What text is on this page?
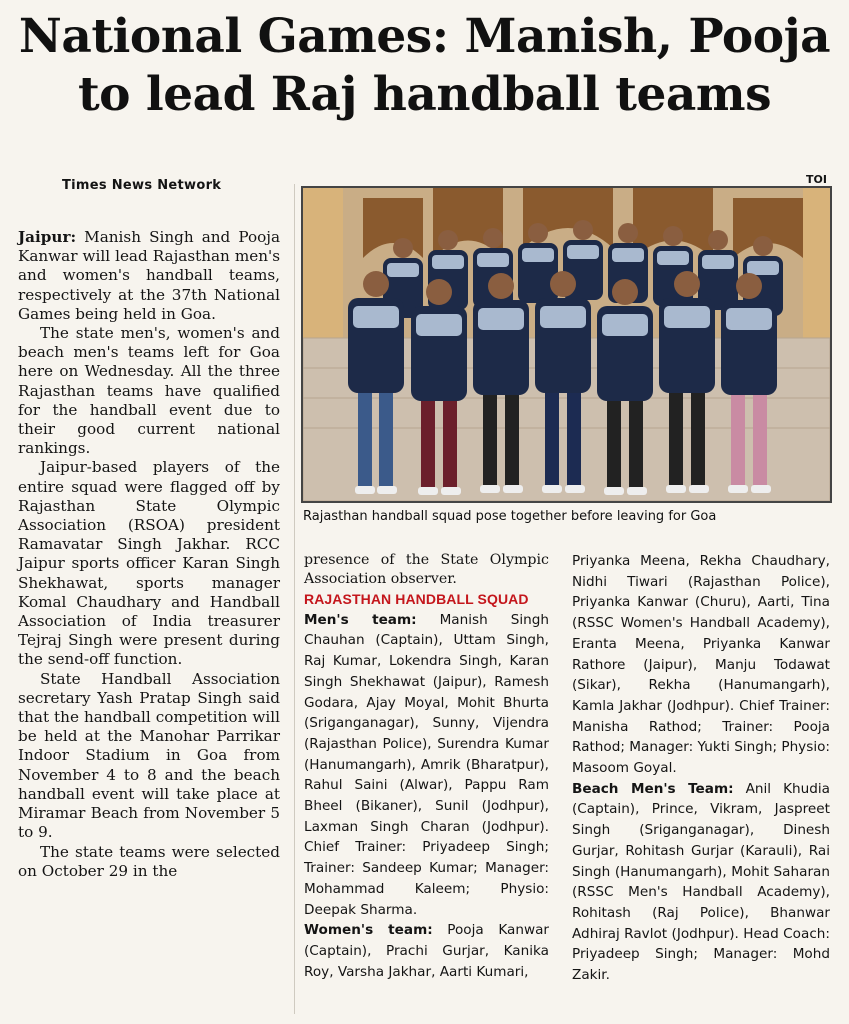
National Games: Manish, Pooja
to lead Raj handball teams
Times News Network	TOI
Rajasthan handball squad pose together before leaving for Goa

Jaipur: Manish Singh and Pooja Kanwar will lead Rajasthan men's and women's handball teams, respectively at the 37th National Games being held in Goa.

The state men's, women's and beach men's teams left for Goa here on Wednesday. All the three Rajasthan teams have qualified for the handball event due to their good current national rankings.

Jaipur-based players of the entire squad were flagged off by Rajasthan State Olympic Association (RSOA) president Ramavatar Singh Jakhar. RCC Jaipur sports officer Karan Singh Shekhawat, sports manager Komal Chaudhary and Handball Association of India treasurer Tejraj Singh were present during the send-off function.

State Handball Association secretary Yash Pratap Singh said that the handball competition will be held at the Manohar Parrikar Indoor Stadium in Goa from November 4 to 8 and the beach handball event will take place at Miramar Beach from November 5 to 9.

The state teams were selected on October 29 in the

presence of the State Olympic Association observer.

RAJASTHAN HANDBALL SQUAD

Men's team: Manish Singh Chauhan (Captain), Uttam Singh, Raj Kumar, Lokendra Singh, Karan Singh Shekhawat (Jaipur), Ramesh Godara, Ajay Moyal, Mohit Bhurta (Sriganganagar), Sunny, Vijendra (Rajasthan Police), Surendra Kumar (Hanumangarh), Amrik (Bharatpur), Rahul Saini (Alwar), Pappu Ram Bheel (Bikaner), Sunil (Jodhpur), Laxman Singh Charan (Jodhpur). Chief Trainer: Priyadeep Singh; Trainer: Sandeep Kumar; Manager: Mohammad Kaleem; Physio: Deepak Sharma.

Women's team: Pooja Kanwar (Captain), Prachi Gurjar, Kanika Roy, Varsha Jakhar, Aarti Kumari,

Priyanka Meena, Rekha Chaudhary, Nidhi Tiwari (Rajasthan Police), Priyanka Kanwar (Churu), Aarti, Tina (RSSC Women's Handball Academy), Eranta Meena, Priyanka Kanwar Rathore (Jaipur), Manju Todawat (Sikar), Rekha (Hanumangarh), Kamla Jakhar (Jodhpur). Chief Trainer: Manisha Rathod; Trainer: Pooja Rathod; Manager: Yukti Singh; Physio: Masoom Goyal.

Beach Men's Team: Anil Khudia (Captain), Prince, Vikram, Jaspreet Singh (Sriganganagar), Dinesh Gurjar, Rohitash Gurjar (Karauli), Rai Singh (Hanumangarh), Mohit Saharan (RSSC Men's Handball Academy), Rohitash (Raj Police), Bhanwar Adhiraj Ravlot (Jodhpur). Head Coach: Priyadeep Singh; Manager: Mohd Zakir.
